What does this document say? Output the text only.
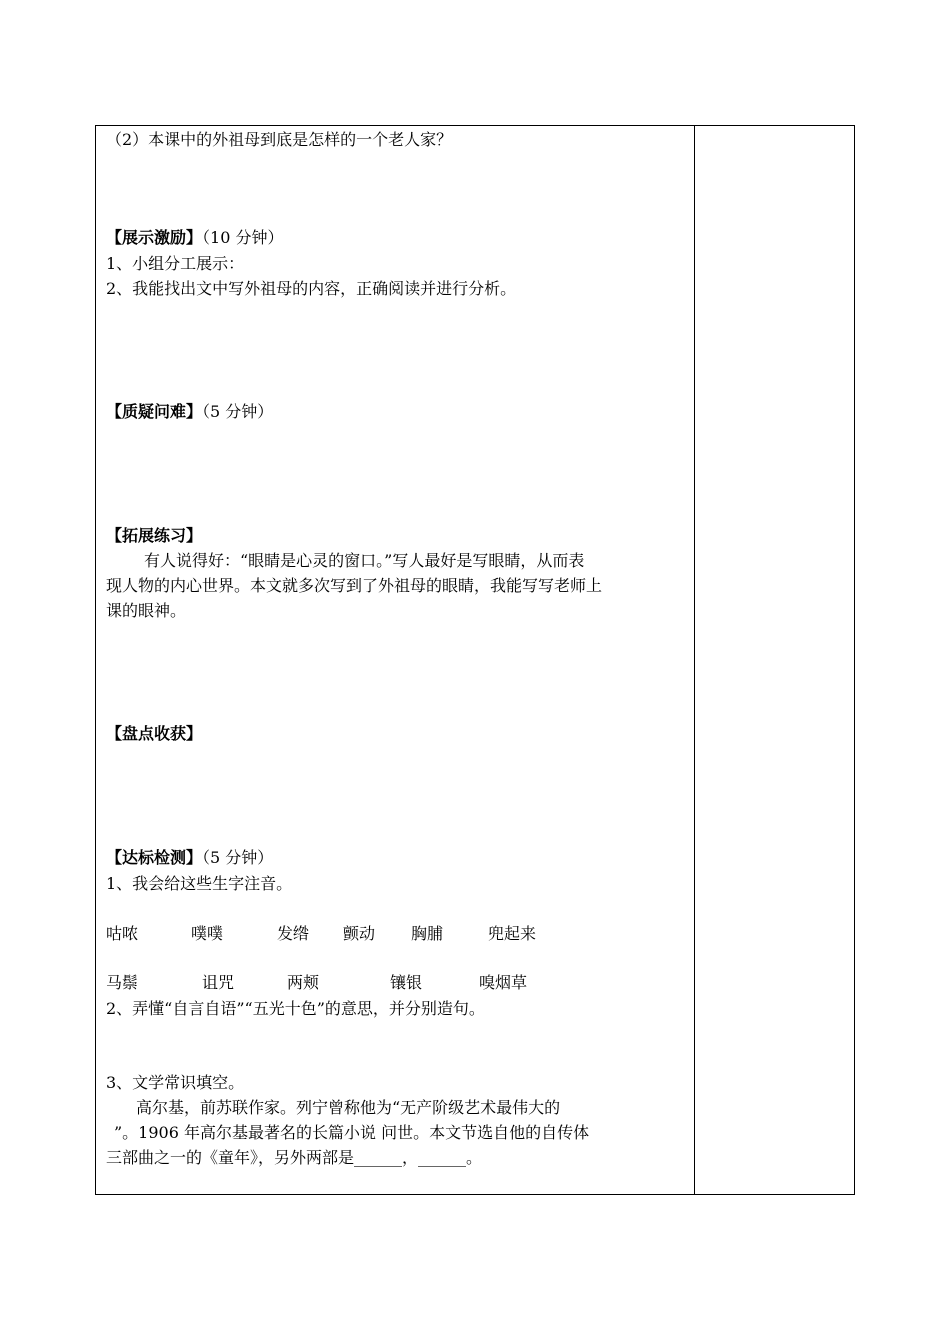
（2）本课中的外祖母到底是怎样的一个老人家？
【展示激励】（10 分钟）
1、小组分工展示：
2、我能找出文中写外祖母的内容，正确阅读并进行分析。
【质疑问难】（5 分钟）
【拓展练习】
有人说得好：“眼睛是心灵的窗口。”写人最好是写眼睛，从而表
现人物的内心世界。本文就多次写到了外祖母的眼睛，我能写写老师上
课的眼神。
【盘点收获】
【达标检测】（5 分钟）
1、我会给这些生字注音。
咕哝	噗噗	发绺 颤动 胸脯	兜起来
马鬃	诅咒	两颊	镶银	嗅烟草
2、弄懂“自言自语”“五光十色”的意思，并分别造句。
3、文学常识填空。
高尔基，前苏联作家。列宁曾称他为“无产阶级艺术最伟大的
”。1906 年高尔基最著名的长篇小说 问世。本文节选自他的自传体
三部曲之一的《童年》，另外两部是______，______。
